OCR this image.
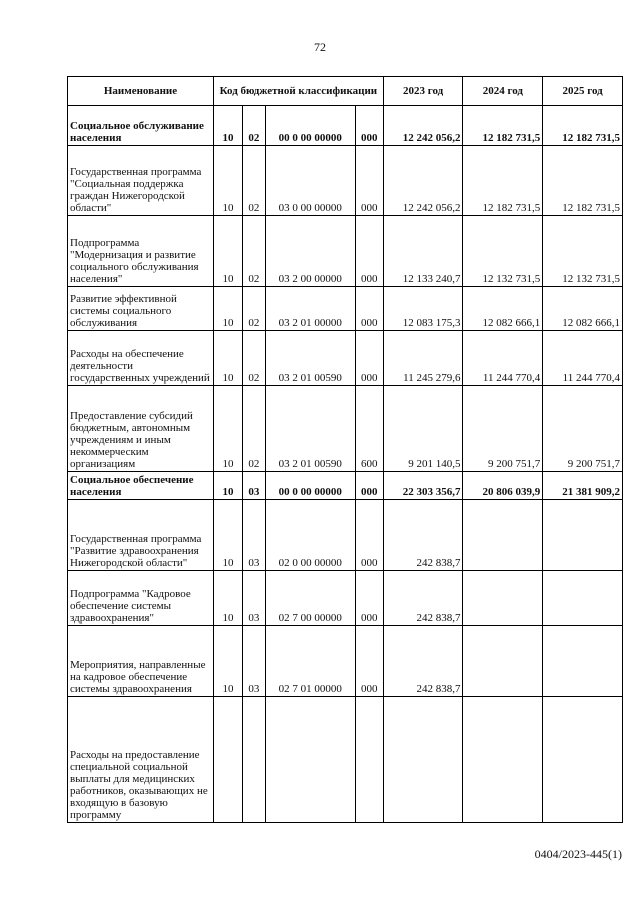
72
Наименование	Код бюджетной классификации				2023 год	2024 год	2025 год
Социальное обслуживание населения	10	02	00 0 00 00000	000	12 242 056,2	12 182 731,5	12 182 731,5
Государственная программа "Социальная поддержка граждан Нижегородской области"	10	02	03 0 00 00000	000	12 242 056,2	12 182 731,5	12 182 731,5
Подпрограмма "Модернизация и развитие социального обслуживания населения"	10	02	03 2 00 00000	000	12 133 240,7	12 132 731,5	12 132 731,5
Развитие эффективной системы социального обслуживания	10	02	03 2 01 00000	000	12 083 175,3	12 082 666,1	12 082 666,1
Расходы на обеспечение деятельности государственных учреждений	10	02	03 2 01 00590	000	11 245 279,6	11 244 770,4	11 244 770,4
Предоставление субсидий бюджетным, автономным учреждениям и иным некоммерческим организациям	10	02	03 2 01 00590	600	9 201 140,5	9 200 751,7	9 200 751,7
Социальное обеспечение населения	10	03	00 0 00 00000	000	22 303 356,7	20 806 039,9	21 381 909,2
Государственная программа "Развитие здравоохранения Нижегородской области"	10	03	02 0 00 00000	000	242 838,7		
Подпрограмма "Кадровое обеспечение системы здравоохранения"	10	03	02 7 00 00000	000	242 838,7		
Мероприятия, направленные на кадровое обеспечение системы здравоохранения	10	03	02 7 01 00000	000	242 838,7		
Расходы на предоставление специальной социальной выплаты для медицинских работников, оказывающих не входящую в базовую программу							
0404/2023-445(1)
